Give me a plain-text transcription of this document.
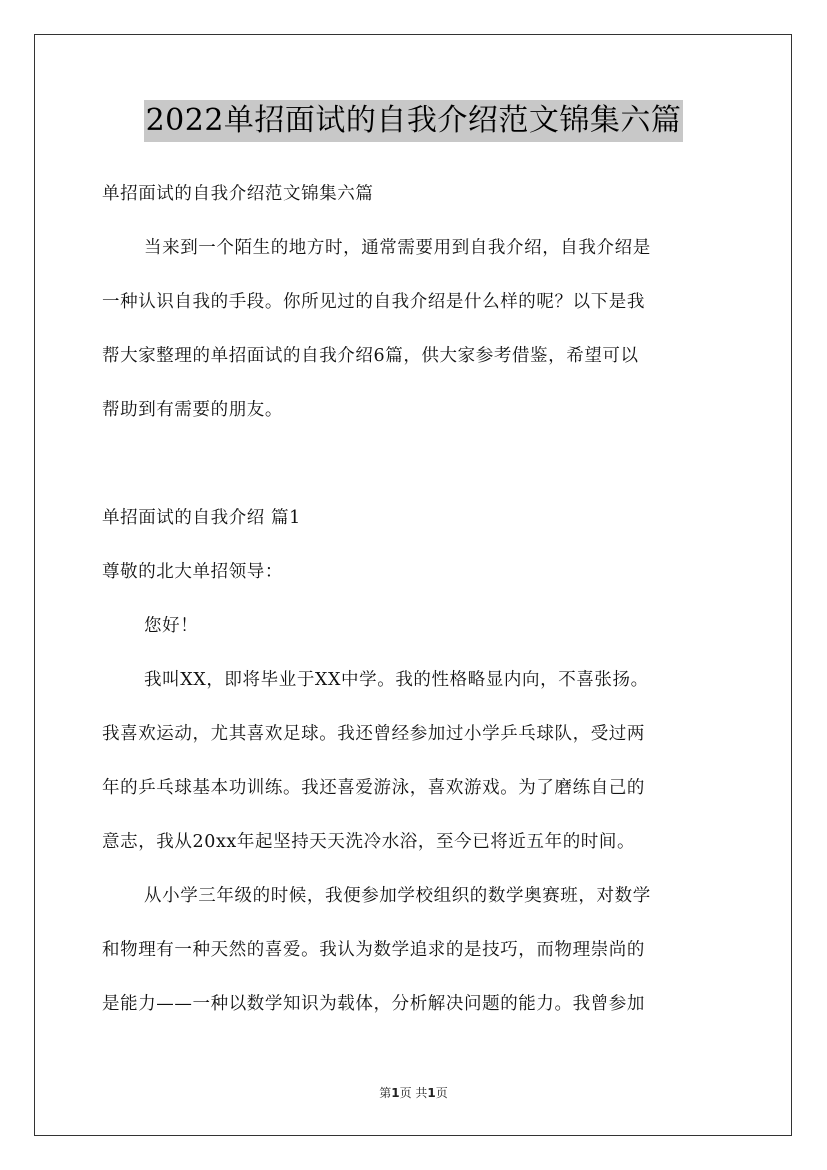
2022单招面试的自我介绍范文锦集六篇
单招面试的自我介绍范文锦集六篇
当来到一个陌生的地方时，通常需要用到自我介绍，自我介绍是
一种认识自我的手段。你所见过的自我介绍是什么样的呢？以下是我
帮大家整理的单招面试的自我介绍6篇，供大家参考借鉴，希望可以
帮助到有需要的朋友。
单招面试的自我介绍 篇1
尊敬的北大单招领导：
您好！
我叫XX，即将毕业于XX中学。我的性格略显内向，不喜张扬。
我喜欢运动，尤其喜欢足球。我还曾经参加过小学乒乓球队，受过两
年的乒乓球基本功训练。我还喜爱游泳，喜欢游戏。为了磨练自己的
意志，我从20xx年起坚持天天洗冷水浴，至今已将近五年的时间。
从小学三年级的时候，我便参加学校组织的数学奥赛班，对数学
和物理有一种天然的喜爱。我认为数学追求的是技巧，而物理崇尚的
是能力——一种以数学知识为载体，分析解决问题的能力。我曾参加
第1页 共1页
